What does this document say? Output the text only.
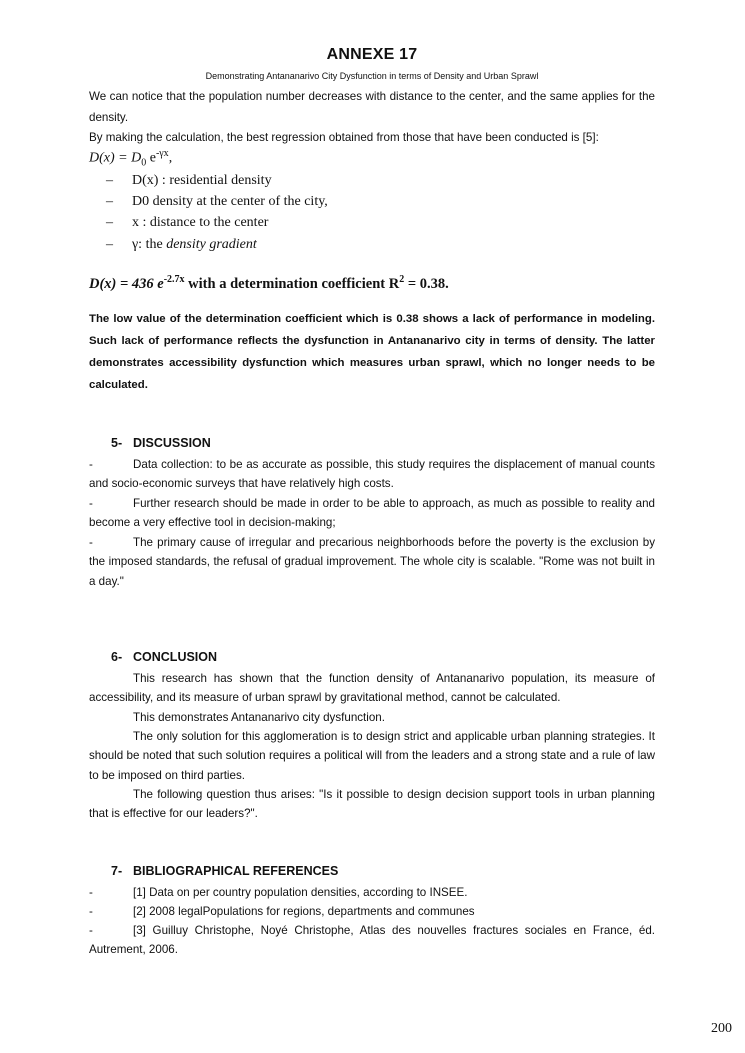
ANNEXE 17
Demonstrating Antananarivo City Dysfunction in terms of Density and Urban Sprawl
We can notice that the population number decreases with distance to the center, and the same applies for the density.
By making the calculation, the best regression obtained from those that have been conducted is [5]:
$D(x) = D_0$ $e^{-\gamma x}$,
– D(x) : residential density
– D0 density at the center of the city,
– x : distance to the center
– γ: the density gradient
D(x) = 436 $e^{-2.7x}$ with a determination coefficient $R^2 = 0.38$.
The low value of the determination coefficient which is 0.38 shows a lack of performance in modeling. Such lack of performance reflects the dysfunction in Antananarivo city in terms of density. The latter demonstrates accessibility dysfunction which measures urban sprawl, which no longer needs to be calculated.
5- DISCUSSION
-	Data collection: to be as accurate as possible, this study requires the displacement of manual counts and socio-economic surveys that have relatively high costs.
-	Further research should be made in order to be able to approach, as much as possible to reality and become a very effective tool in decision-making;
-	The primary cause of irregular and precarious neighborhoods before the poverty is the exclusion by the imposed standards, the refusal of gradual improvement. The whole city is scalable. "Rome was not built in a day."
6- CONCLUSION
This research has shown that the function density of Antananarivo population, its measure of accessibility, and its measure of urban sprawl by gravitational method, cannot be calculated.
This demonstrates Antananarivo city dysfunction.
The only solution for this agglomeration is to design strict and applicable urban planning strategies. It should be noted that such solution requires a political will from the leaders and a strong state and a rule of law to be imposed on third parties.
The following question thus arises: "Is it possible to design decision support tools in urban planning that is effective for our leaders?".
7- BIBLIOGRAPHICAL REFERENCES
-	[1] Data on per country population densities, according to INSEE.
-	[2] 2008 legalPopulations for regions, departments and communes
-	[3] Guilluy Christophe, Noyé Christophe, Atlas des nouvelles fractures sociales en France, éd. Autrement, 2006.
200
